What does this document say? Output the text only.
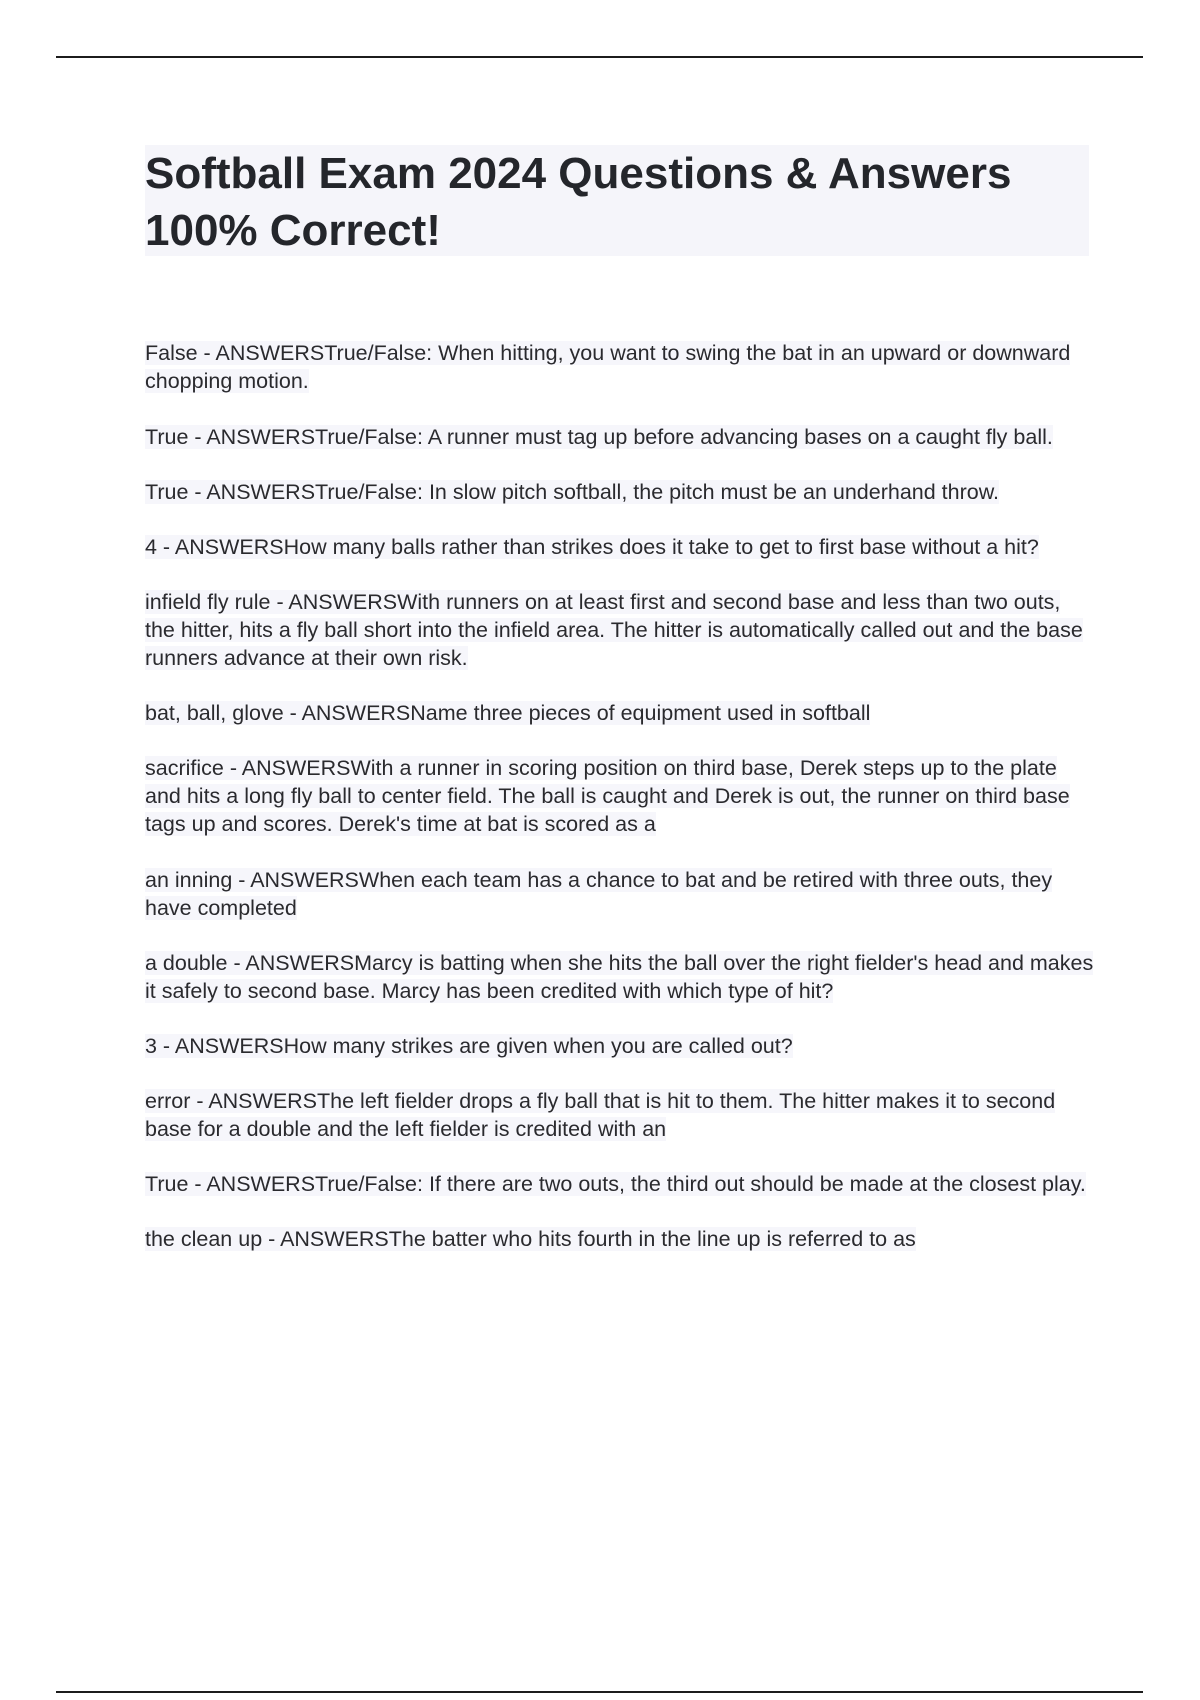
Softball Exam 2024 Questions & Answers 100% Correct!
False - ANSWERSTrue/False: When hitting, you want to swing the bat in an upward or downward chopping motion.
True - ANSWERSTrue/False: A runner must tag up before advancing bases on a caught fly ball.
True - ANSWERSTrue/False: In slow pitch softball, the pitch must be an underhand throw.
4 - ANSWERSHow many balls rather than strikes does it take to get to first base without a hit?
infield fly rule - ANSWERSWith runners on at least first and second base and less than two outs, the hitter, hits a fly ball short into the infield area. The hitter is automatically called out and the base runners advance at their own risk.
bat, ball, glove - ANSWERSName three pieces of equipment used in softball
sacrifice - ANSWERSWith a runner in scoring position on third base, Derek steps up to the plate and hits a long fly ball to center field. The ball is caught and Derek is out, the runner on third base tags up and scores. Derek's time at bat is scored as a
an inning - ANSWERSWhen each team has a chance to bat and be retired with three outs, they have completed
a double - ANSWERSMarcy is batting when she hits the ball over the right fielder's head and makes it safely to second base. Marcy has been credited with which type of hit?
3 - ANSWERSHow many strikes are given when you are called out?
error - ANSWERSThe left fielder drops a fly ball that is hit to them. The hitter makes it to second base for a double and the left fielder is credited with an
True - ANSWERSTrue/False: If there are two outs, the third out should be made at the closest play.
the clean up - ANSWERSThe batter who hits fourth in the line up is referred to as
